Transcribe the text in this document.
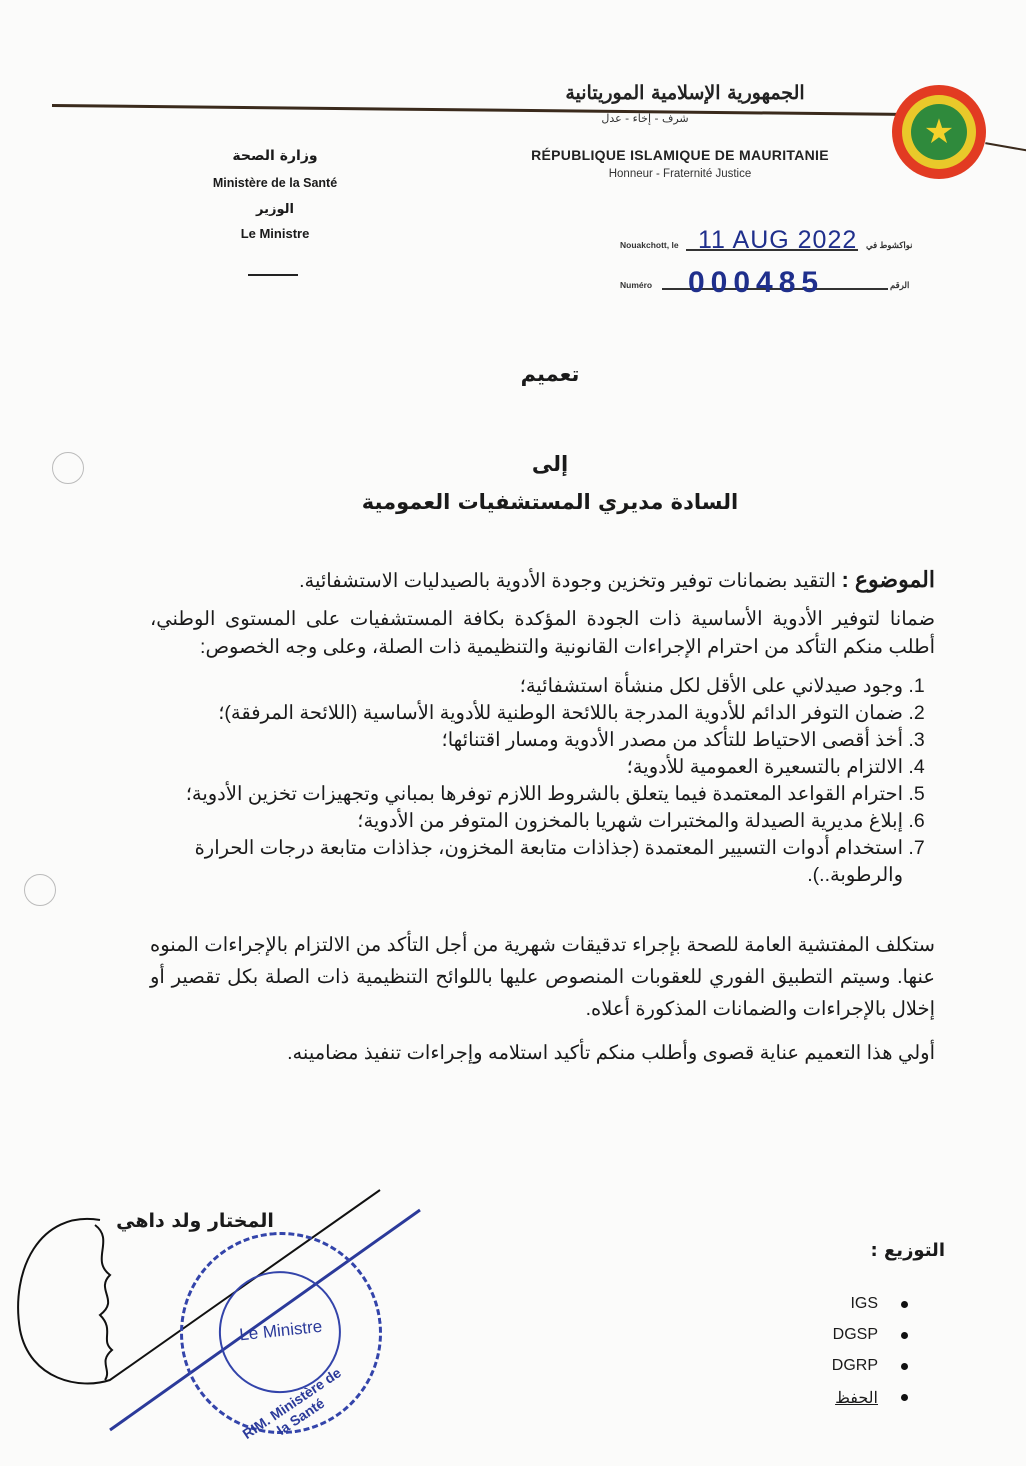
الجمهورية الإسلامية الموريتانية
شرف - إخاء - عدل
RÉPUBLIQUE ISLAMIQUE DE MAURITANIE
Honneur - Fraternité Justice
★
وزارة الصحة
Ministère de la Santé
الوزير
Le Ministre
Nouakchott, le 11 AUG 2022 نواكشوط في
Numéro 000485	الرقم
تعميم
إلى
السادة مديري المستشفيات العمومية
الموضوع : التقيد بضمانات توفير وتخزين وجودة الأدوية بالصيدليات الاستشفائية.
ضمانا لتوفير الأدوية الأساسية ذات الجودة المؤكدة بكافة المستشفيات على المستوى الوطني، أطلب منكم التأكد من احترام الإجراءات القانونية والتنظيمية ذات الصلة، وعلى وجه الخصوص:
1. وجود صيدلاني على الأقل لكل منشأة استشفائية؛
2. ضمان التوفر الدائم للأدوية المدرجة باللائحة الوطنية للأدوية الأساسية (اللائحة المرفقة)؛
3. أخذ أقصى الاحتياط للتأكد من مصدر الأدوية ومسار اقتنائها؛
4. الالتزام بالتسعيرة العمومية للأدوية؛
5. احترام القواعد المعتمدة فيما يتعلق بالشروط اللازم توفرها بمباني وتجهيزات تخزين الأدوية؛
6. إبلاغ مديرية الصيدلة والمختبرات شهريا بالمخزون المتوفر من الأدوية؛
7. استخدام أدوات التسيير المعتمدة (جذاذات متابعة المخزون، جذاذات متابعة درجات الحرارة والرطوبة..).
ستكلف المفتشية العامة للصحة بإجراء تدقيقات شهرية من أجل التأكد من الالتزام بالإجراءات المنوه عنها. وسيتم التطبيق الفوري للعقوبات المنصوص عليها باللوائح التنظيمية ذات الصلة بكل تقصير أو إخلال بالإجراءات والضمانات المذكورة أعلاه.
أولي هذا التعميم عناية قصوى وأطلب منكم تأكيد استلامه وإجراءات تنفيذ مضامينه.
Le Ministre
RIM. Ministère de la Santé
المختار ولد داهي
التوزيع :
IGS
DGSP
DGRP
الحفظ
